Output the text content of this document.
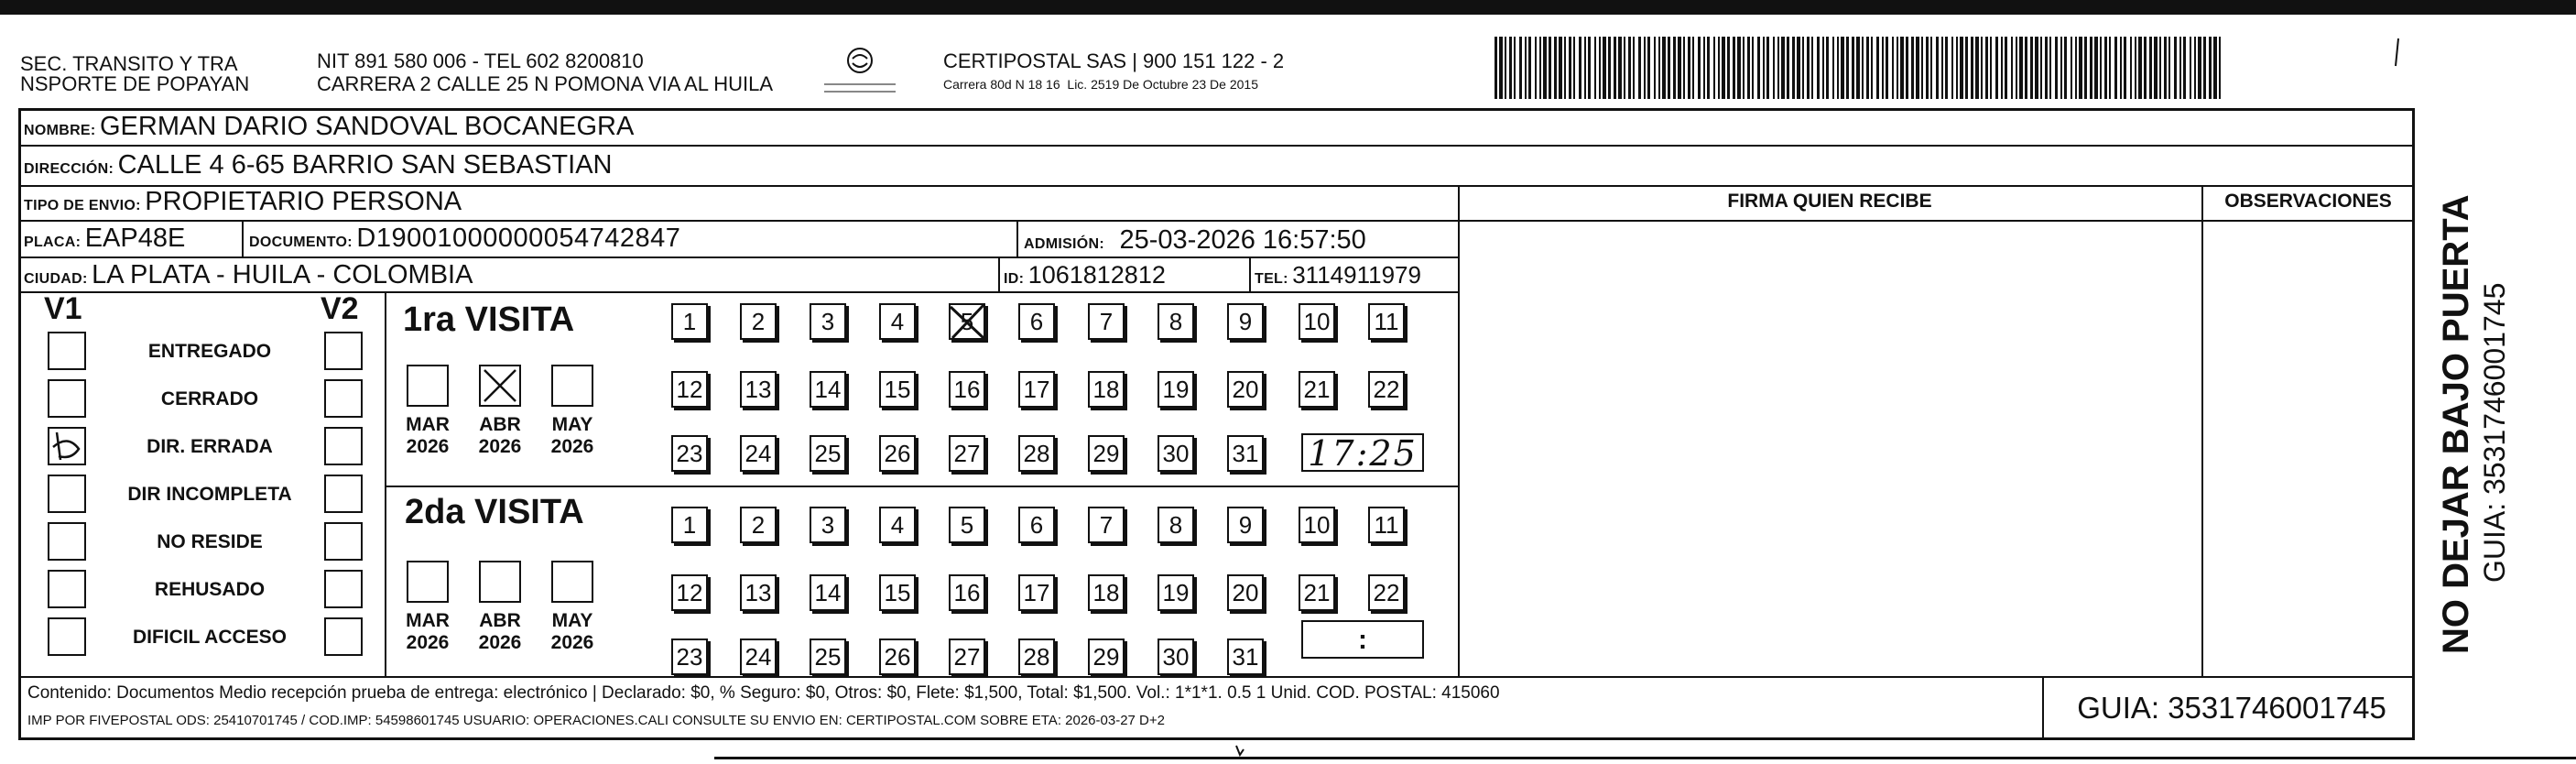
SEC. TRANSITO Y TRA
NSPORTE DE POPAYAN
NIT 891 580 006 - TEL 602 8200810
CARRERA 2 CALLE 25 N POMONA VIA AL HUILA
CERTIPOSTAL SAS | 900 151 122 - 2
Carrera 80d N 18 16  Lic. 2519 De Octubre 23 De 2015
NOMBRE: GERMAN DARIO SANDOVAL BOCANEGRA
DIRECCIÓN: CALLE 4 6-65 BARRIO SAN SEBASTIAN
TIPO DE ENVIO: PROPIETARIO PERSONA
PLACA: EAP48E	DOCUMENTO: D19001000000054742847	ADMISIÓN: 25-03-2026 16:57:50
CIUDAD: LA PLATA - HUILA - COLOMBIA	ID: 1061812812	TEL: 3114911979
FIRMA QUIEN RECIBE	OBSERVACIONES
V1	V2
ENTREGADO
CERRADO
DIR. ERRADA
DIR INCOMPLETA
NO RESIDE
REHUSADO
DIFICIL ACCESO
1ra VISITA
MAR
2026
ABR
2026
MAY
2026
1	2	3	4	5	6	7	8	9	10 11
12 13 14 15 16 17 18 19 20 21 22
23 24 25 26 27 28 29 30 31 17:25
2da VISITA
MAR
2026
ABR
2026
MAY
2026
1	2	3	4	5	6	7	8	9	10 11
12 13 14 15 16 17 18 19 20 21 22
23 24 25 26 27 28 29 30 31
:
Contenido: Documentos Medio recepción prueba de entrega: electrónico | Declarado: $0, % Seguro: $0, Otros: $0, Flete: $1,500, Total: $1,500. Vol.: 1*1*1. 0.5 1 Unid. COD. POSTAL: 415060
IMP POR FIVEPOSTAL ODS: 25410701745 / COD.IMP: 54598601745 USUARIO: OPERACIONES.CALI CONSULTE SU ENVIO EN: CERTIPOSTAL.COM SOBRE ETA: 2026-03-27 D+2	GUIA: 3531746001745
NO DEJAR BAJO PUERTA GUIA: 3531746001745
